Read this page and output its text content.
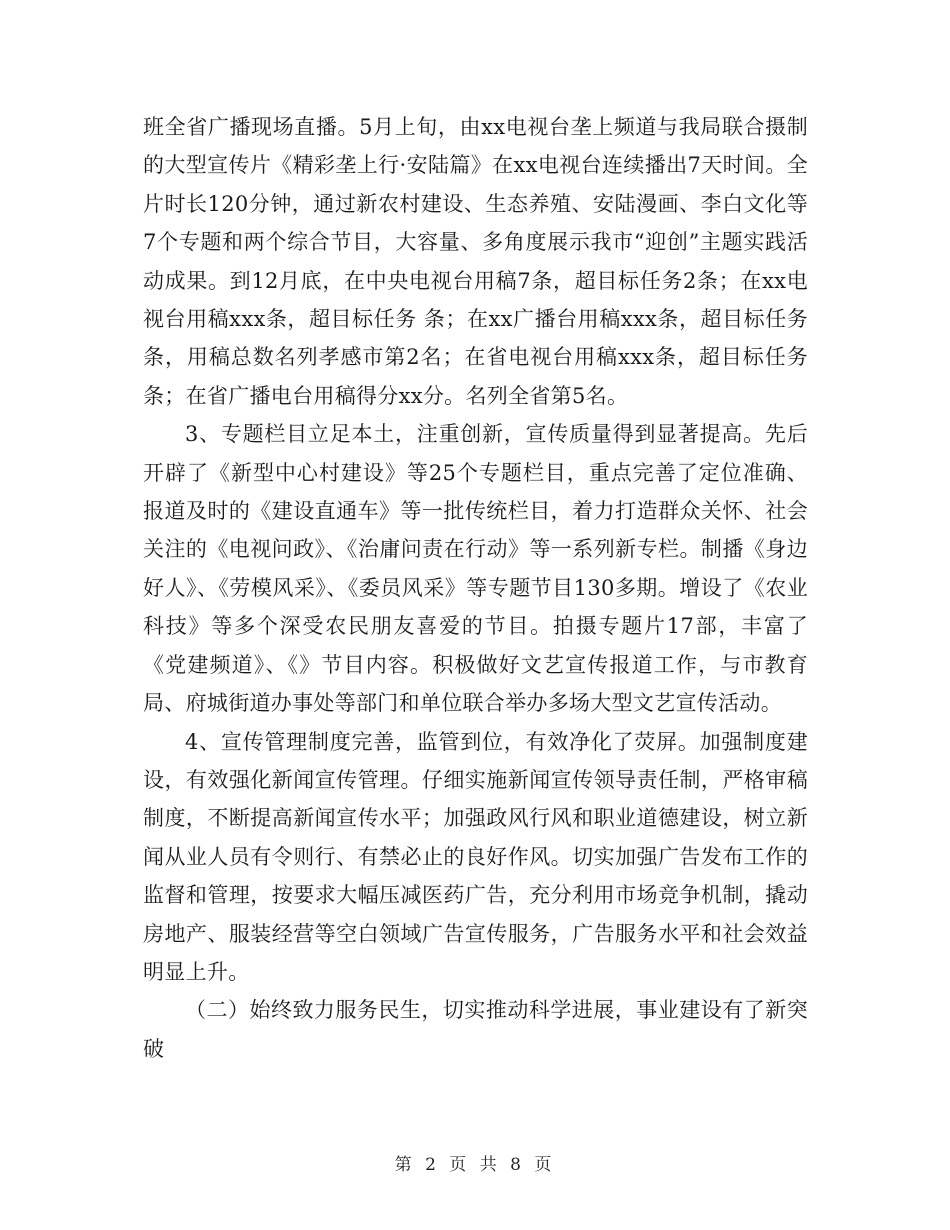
班全省广播现场直播。5月上旬，由xx电视台垄上频道与我局联合摄制的大型宣传片《精彩垄上行·安陆篇》在xx电视台连续播出7天时间。全片时长120分钟，通过新农村建设、生态养殖、安陆漫画、李白文化等7个专题和两个综合节目，大容量、多角度展示我市“迎创”主题实践活动成果。到12月底，在中央电视台用稿7条，超目标任务2条；在xx电视台用稿xxx条，超目标任务 条；在xx广播台用稿xxx条，超目标任务 条，用稿总数名列孝感市第2名；在省电视台用稿xxx条，超目标任务 条；在省广播电台用稿得分xx分。名列全省第5名。

3、专题栏目立足本土，注重创新，宣传质量得到显著提高。先后开辟了《新型中心村建设》等25个专题栏目，重点完善了定位准确、报道及时的《建设直通车》等一批传统栏目，着力打造群众关怀、社会关注的《电视问政》、《治庸问责在行动》等一系列新专栏。制播《身边好人》、《劳模风采》、《委员风采》等专题节目130多期。增设了《农业科技》等多个深受农民朋友喜爱的节目。拍摄专题片17部，丰富了《党建频道》、《》节目内容。积极做好文艺宣传报道工作，与市教育局、府城街道办事处等部门和单位联合举办多场大型文艺宣传活动。

4、宣传管理制度完善，监管到位，有效净化了荧屏。加强制度建设，有效强化新闻宣传管理。仔细实施新闻宣传领导责任制，严格审稿制度，不断提高新闻宣传水平；加强政风行风和职业道德建设，树立新闻从业人员有令则行、有禁必止的良好作风。切实加强广告发布工作的监督和管理，按要求大幅压减医药广告，充分利用市场竞争机制，撬动房地产、服装经营等空白领域广告宣传服务，广告服务水平和社会效益明显上升。

（二）始终致力服务民生，切实推动科学进展，事业建设有了新突破

第 2 页 共 8 页
